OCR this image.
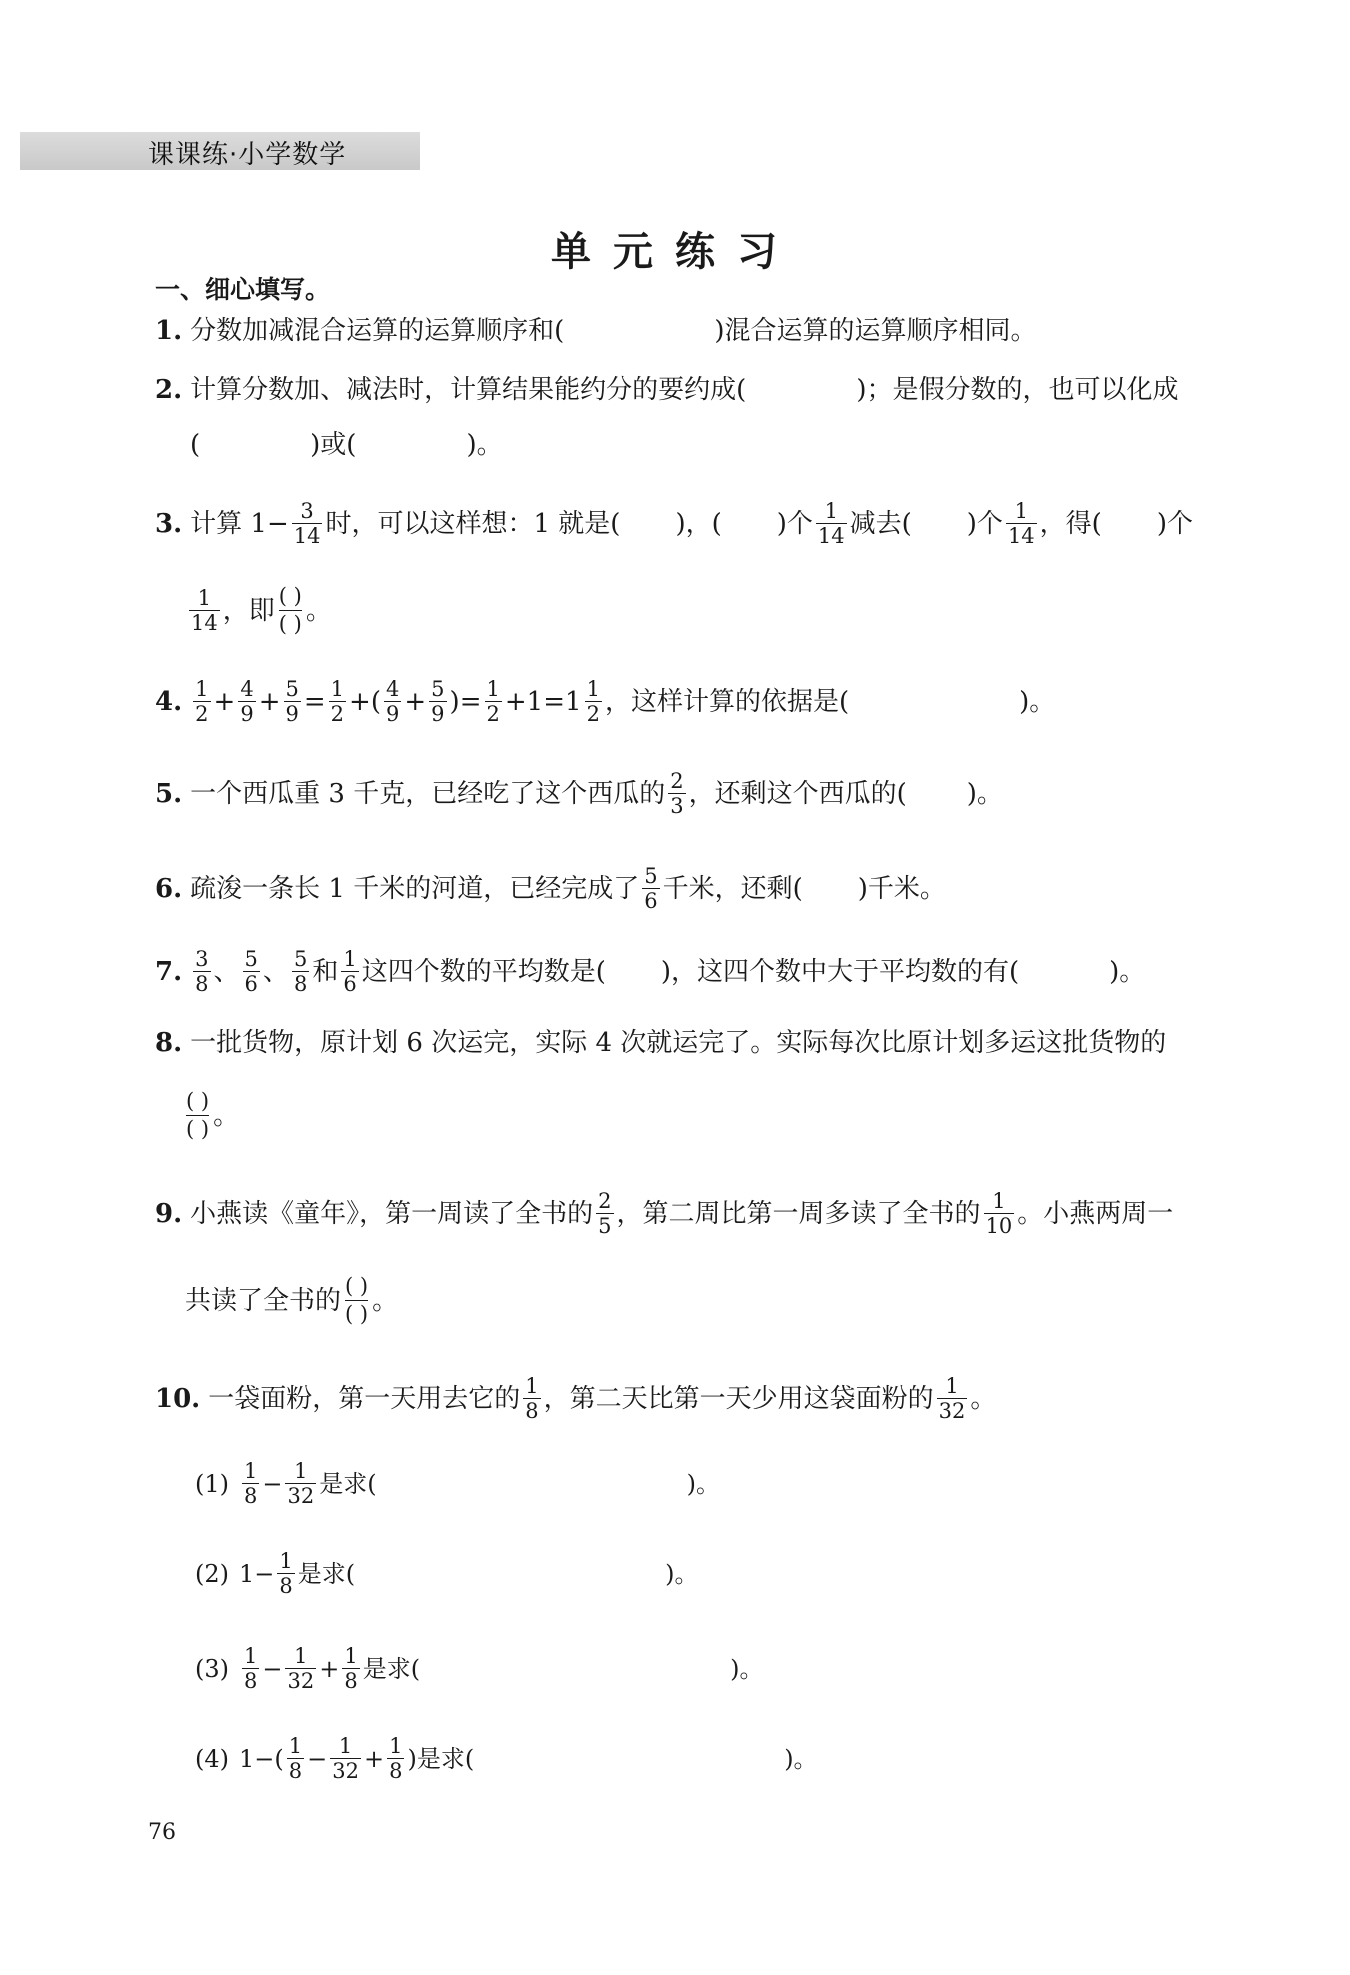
课课练·小学数学
单元练习
一、细心填写。
1. 分数加减混合运算的运算顺序和(	)混合运算的运算顺序相同。
2. 计算分数加、减法时，计算结果能约分的要约成(	)；是假分数的，也可以化成
(	)或(	)。
3. 计算 $1- \frac{3}{14}$ 时，可以这样想：1 就是( )，( )个 $\frac{1}{14}$ 减去( )个 $\frac{1}{14}$ ，得( )个
$\frac{1}{14}$ ，即 $\frac{( )}{( )}$ 。
4. $\frac{1}{2} + \frac{4}{9} + \frac{5}{9} = \frac{1}{2}$ + ( $\frac{4}{9} + \frac{5}{9}$ ) = $\frac{1}{2} + 1 = 1 \frac{1}{2}$ ，这样计算的依据是(	)。
5. 一个西瓜重 3 千克，已经吃了这个西瓜的 $\frac{2}{3}$ ，还剩这个西瓜的( )。
6. 疏浚一条长 1 千米的河道，已经完成了 $\frac{5}{6}$ 千米，还剩( )千米。
7. $\frac{3}{8}$ 、 $\frac{5}{6}$ 、 $\frac{5}{8}$ 和 $\frac{1}{6}$ 这四个数的平均数是( )，这四个数中大于平均数的有(	)。
8. 一批货物，原计划 6 次运完，实际 4 次就运完了。实际每次比原计划多运这批货物的
$\frac{( )}{( )}$ 。
9. 小燕读《童年》，第一周读了全书的 $\frac{2}{5}$ ，第二周比第一周多读了全书的 $\frac{1}{10}$ 。小燕两周一
共读了全书的 $\frac{( )}{( )}$ 。
10. 一袋面粉，第一天用去它的 $\frac{1}{8}$ ，第二天比第一天少用这袋面粉的 $\frac{1}{32}$ 。
$(1) \frac{1}{8} - \frac{1}{32}$ 是求(	)。
(2) $1- \frac{1}{8}$ 是求(	)。
$(3) \frac{1}{8} - \frac{1}{32} + \frac{1}{8}$ 是求(	)。
(4) $1-( \frac{1}{8} - \frac{1}{32} + \frac{1}{8}$ )是求(	)。
76
